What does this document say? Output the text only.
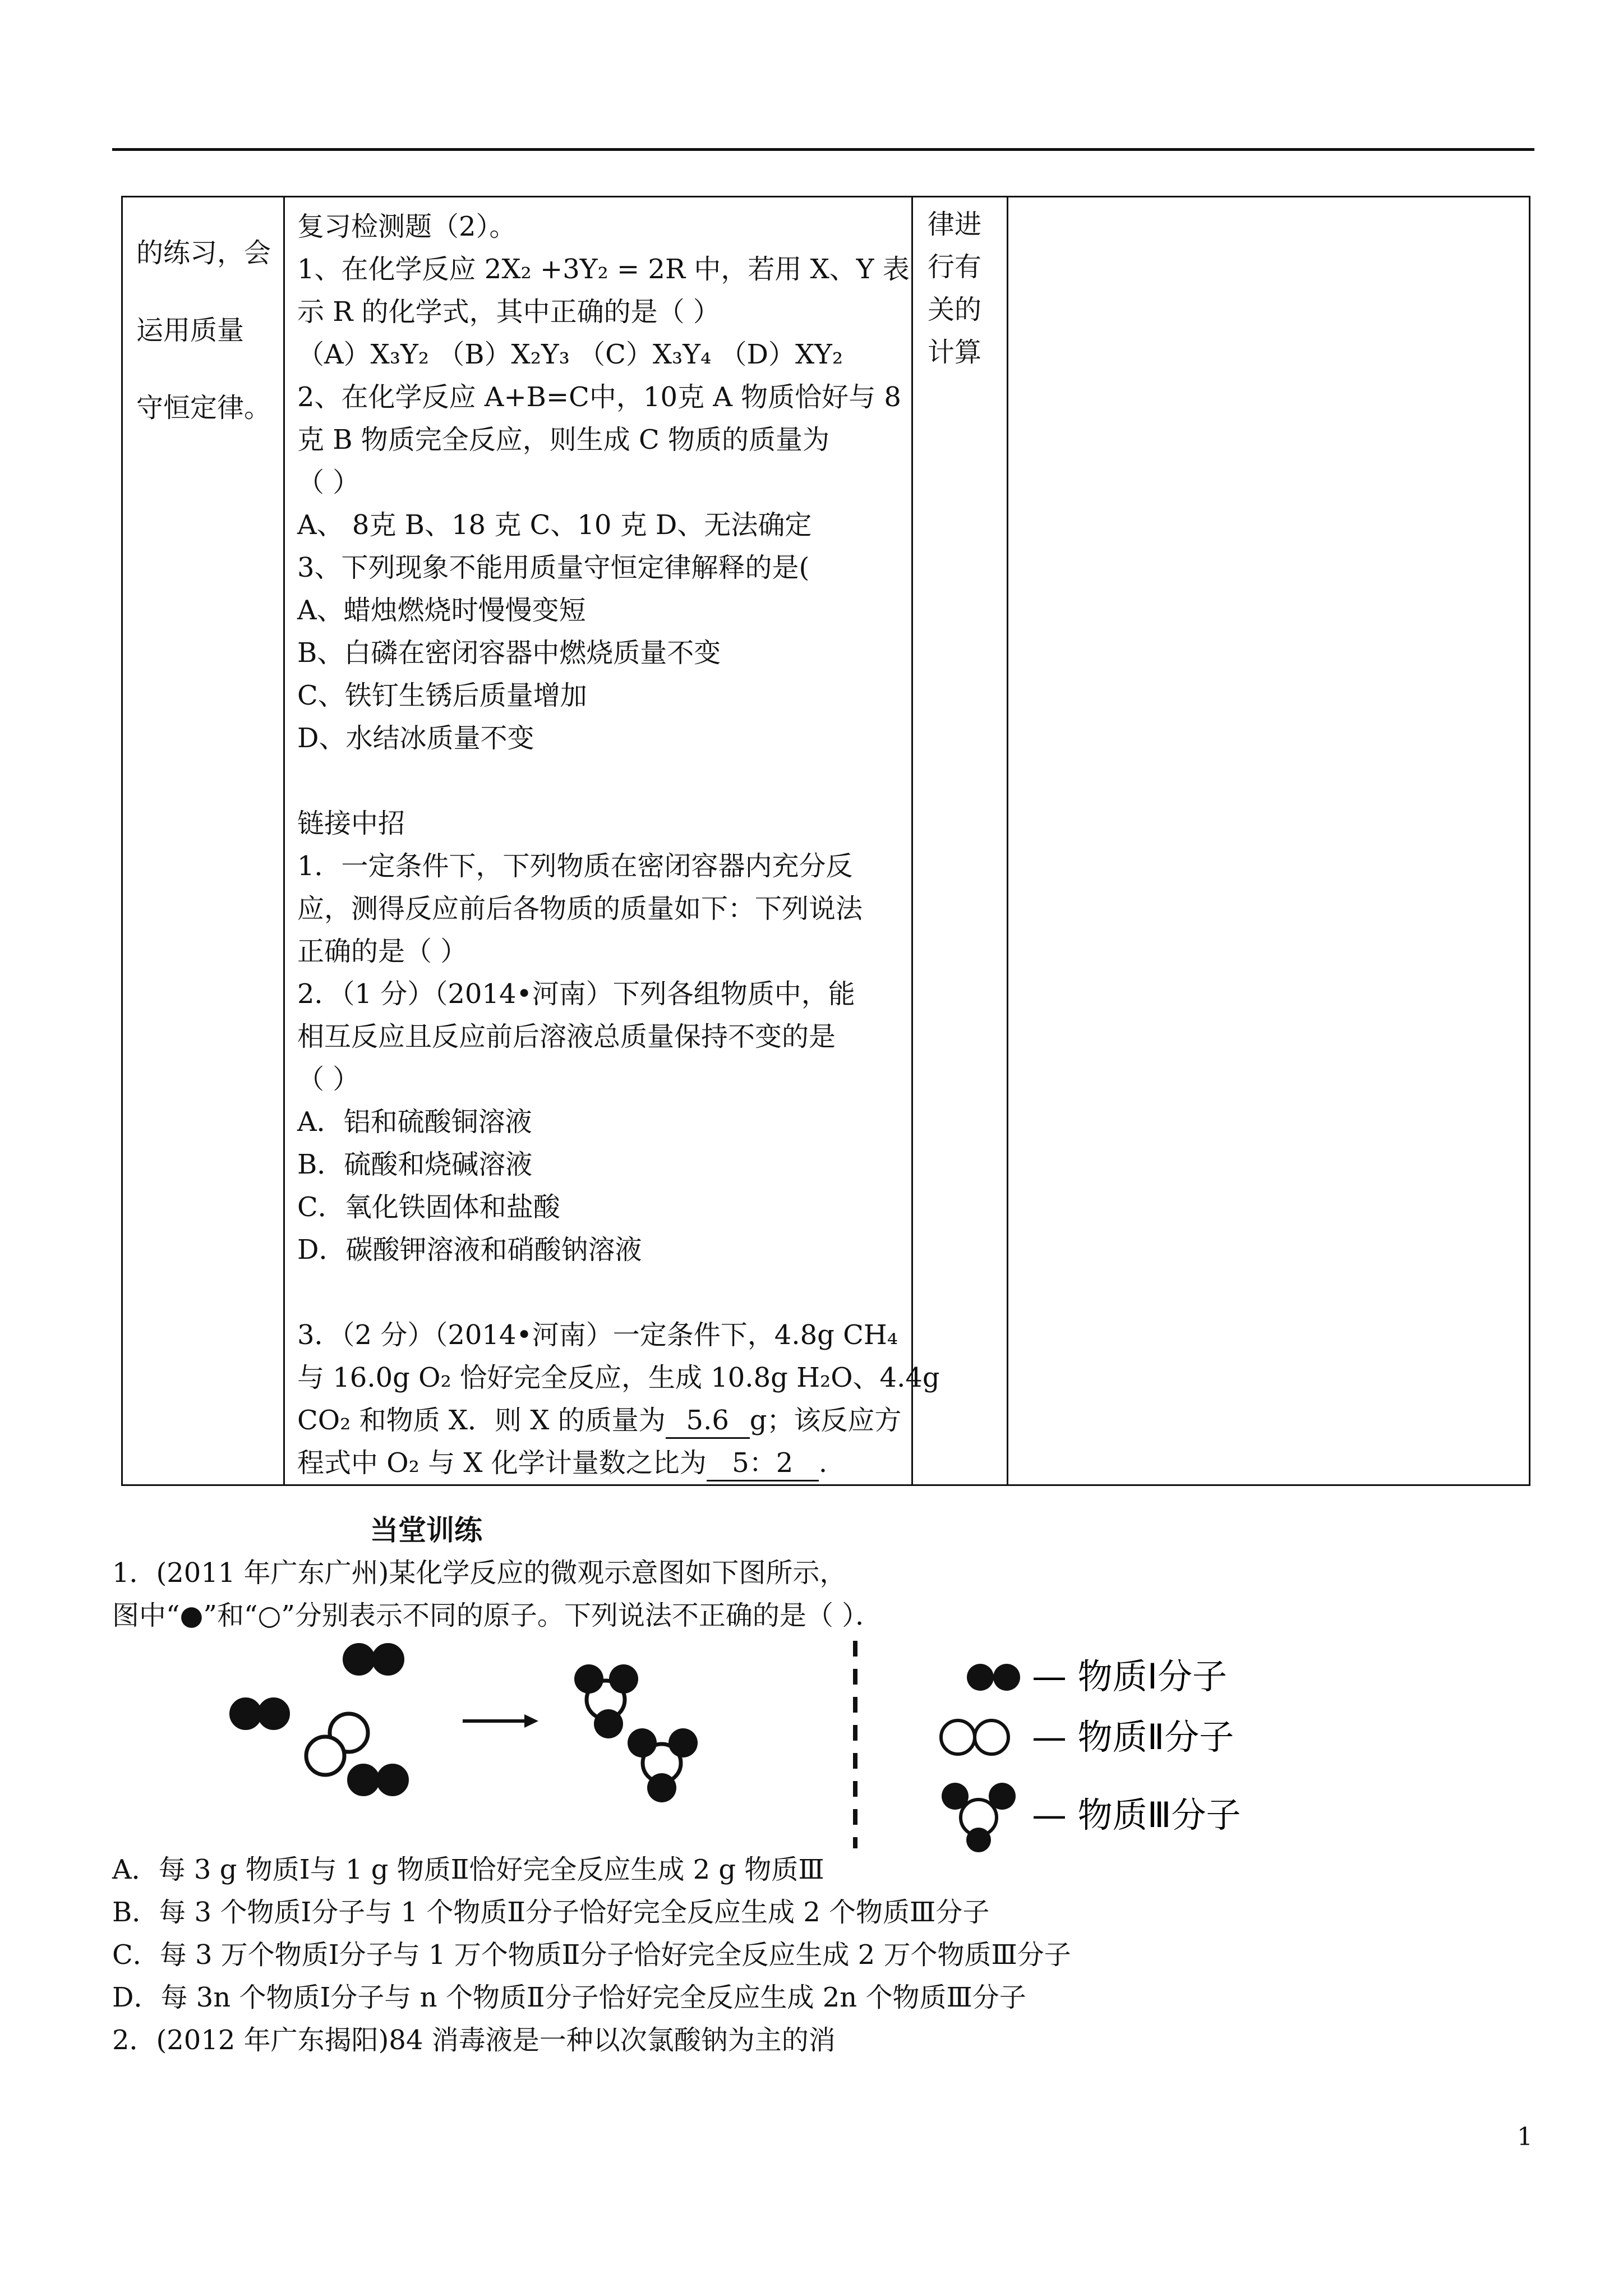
的练习，会
运用质量
守恒定律。

复习检测题（2）。
1、在化学反应 2X₂ +3Y₂ = 2R 中，若用 X、Y 表
示 R 的化学式，其中正确的是（ ）
（A）X₃Y₂ （B）X₂Y₃ （C）X₃Y₄ （D）XY₂
2、在化学反应 A+B=C中，10克 A 物质恰好与 8
克 B 物质完全反应，则生成 C 物质的质量为
（ ）
A、 8克 B、18 克 C、10 克 D、无法确定
3、下列现象不能用质量守恒定律解释的是(
A、蜡烛燃烧时慢慢变短
B、白磷在密闭容器中燃烧质量不变
C、铁钉生锈后质量增加
D、水结冰质量不变
链接中招
1．一定条件下，下列物质在密闭容器内充分反
应，测得反应前后各物质的质量如下：下列说法
正确的是（ ）
2．（1 分）（2014•河南）下列各组物质中，能
相互反应且反应前后溶液总质量保持不变的是
（ ）
A．铝和硫酸铜溶液
B．硫酸和烧碱溶液
C．氧化铁固体和盐酸
D．碳酸钾溶液和硝酸钠溶液
3．（2 分）（2014•河南）一定条件下，4.8g CH₄
与 16.0g O₂ 恰好完全反应，生成 10.8g H₂O、4.4g
CO₂ 和物质 X．则 X 的质量为 5.6 g；该反应方
程式中 O₂ 与 X 化学计量数之比为 5：2 .

律进
行有
关的
计算

当堂训练
1．(2011 年广东广州)某化学反应的微观示意图如下图所示，
图中“●”和“○”分别表示不同的原子。下列说法不正确的是（ ）．
— 物质Ⅰ分子
— 物质Ⅱ分子
— 物质Ⅲ分子
A．每 3 g 物质Ⅰ与 1 g 物质Ⅱ恰好完全反应生成 2 g 物质Ⅲ
B．每 3 个物质Ⅰ分子与 1 个物质Ⅱ分子恰好完全反应生成 2 个物质Ⅲ分子
C．每 3 万个物质Ⅰ分子与 1 万个物质Ⅱ分子恰好完全反应生成 2 万个物质Ⅲ分子
D．每 3n 个物质Ⅰ分子与 n 个物质Ⅱ分子恰好完全反应生成 2n 个物质Ⅲ分子
2．(2012 年广东揭阳)84 消毒液是一种以次氯酸钠为主的消
1
